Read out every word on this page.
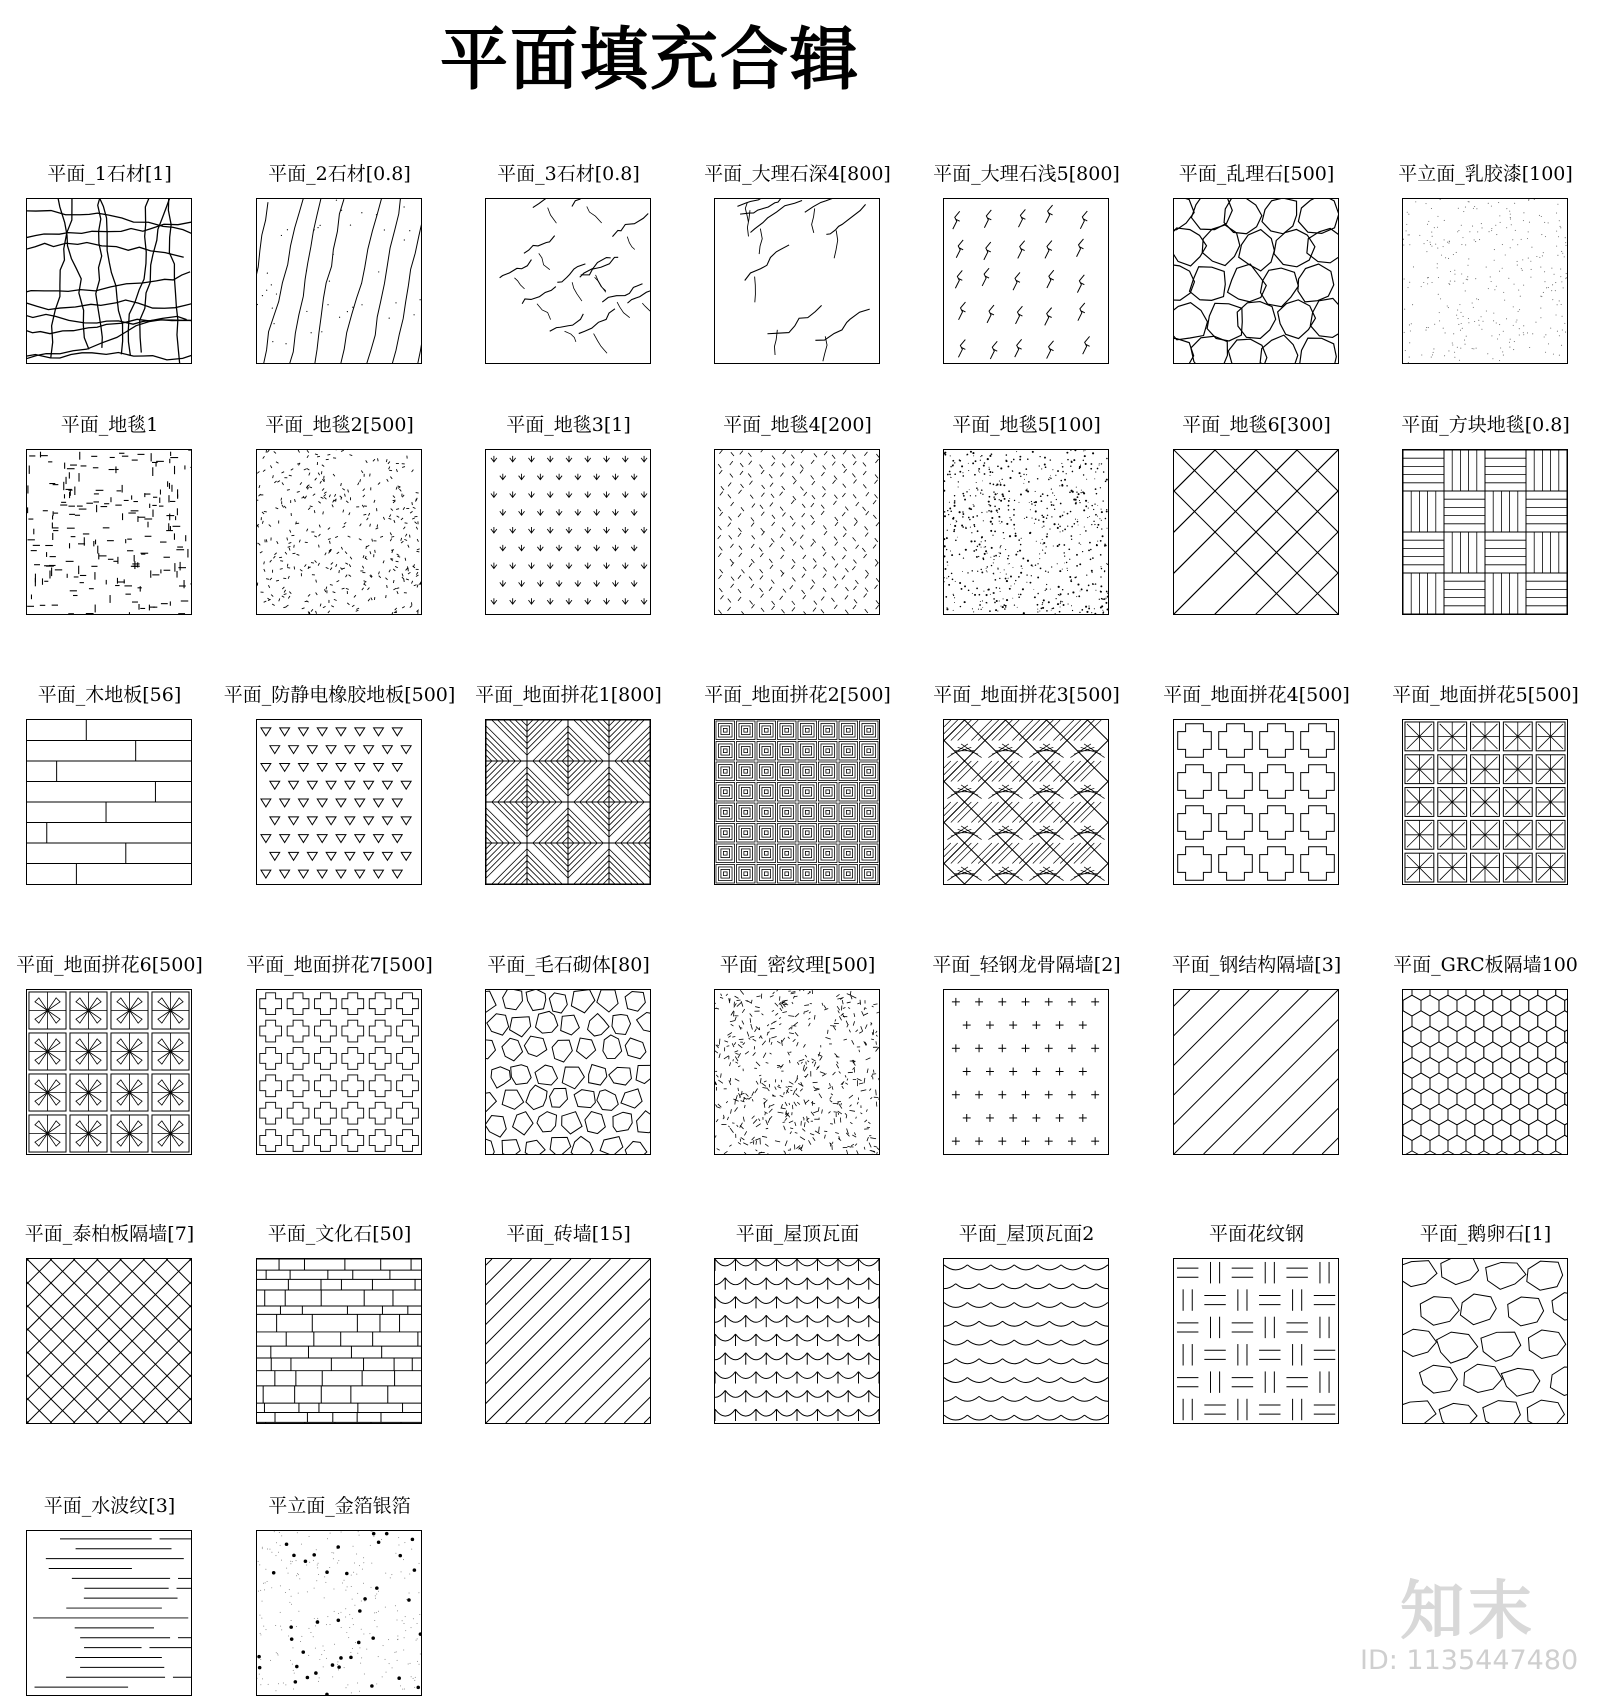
平面填充合辑
平面_1石材[1]	平面_2石材[0.8]	平面_3石材[0.8]	平面_大理石深4[800]	平面_大理石浅5[800]	平面_乱理石[500]	平立面_乳胶漆[100]
平面_地毯1	平面_地毯2[500]	平面_地毯3[1]	平面_地毯4[200]	平面_地毯5[100]	平面_地毯6[300]	平面_方块地毯[0.8]
平面_木地板[56]	平面_防静电橡胶地板[500]	平面_地面拼花1[800]	平面_地面拼花2[500]	平面_地面拼花3[500]	平面_地面拼花4[500]	平面_地面拼花5[500]
平面_地面拼花6[500]	平面_地面拼花7[500]	平面_毛石砌体[80]	平面_密纹理[500]	平面_轻钢龙骨隔墙[2]	平面_钢结构隔墙[3]	平面_GRC板隔墙100
平面_泰柏板隔墙[7]	平面_文化石[50]	平面_砖墙[15]	平面_屋顶瓦面	平面_屋顶瓦面2	平面花纹钢	平面_鹅卵石[1]
平面_水波纹[3]	平立面_金箔银箔
知末
ID: 1135447480
